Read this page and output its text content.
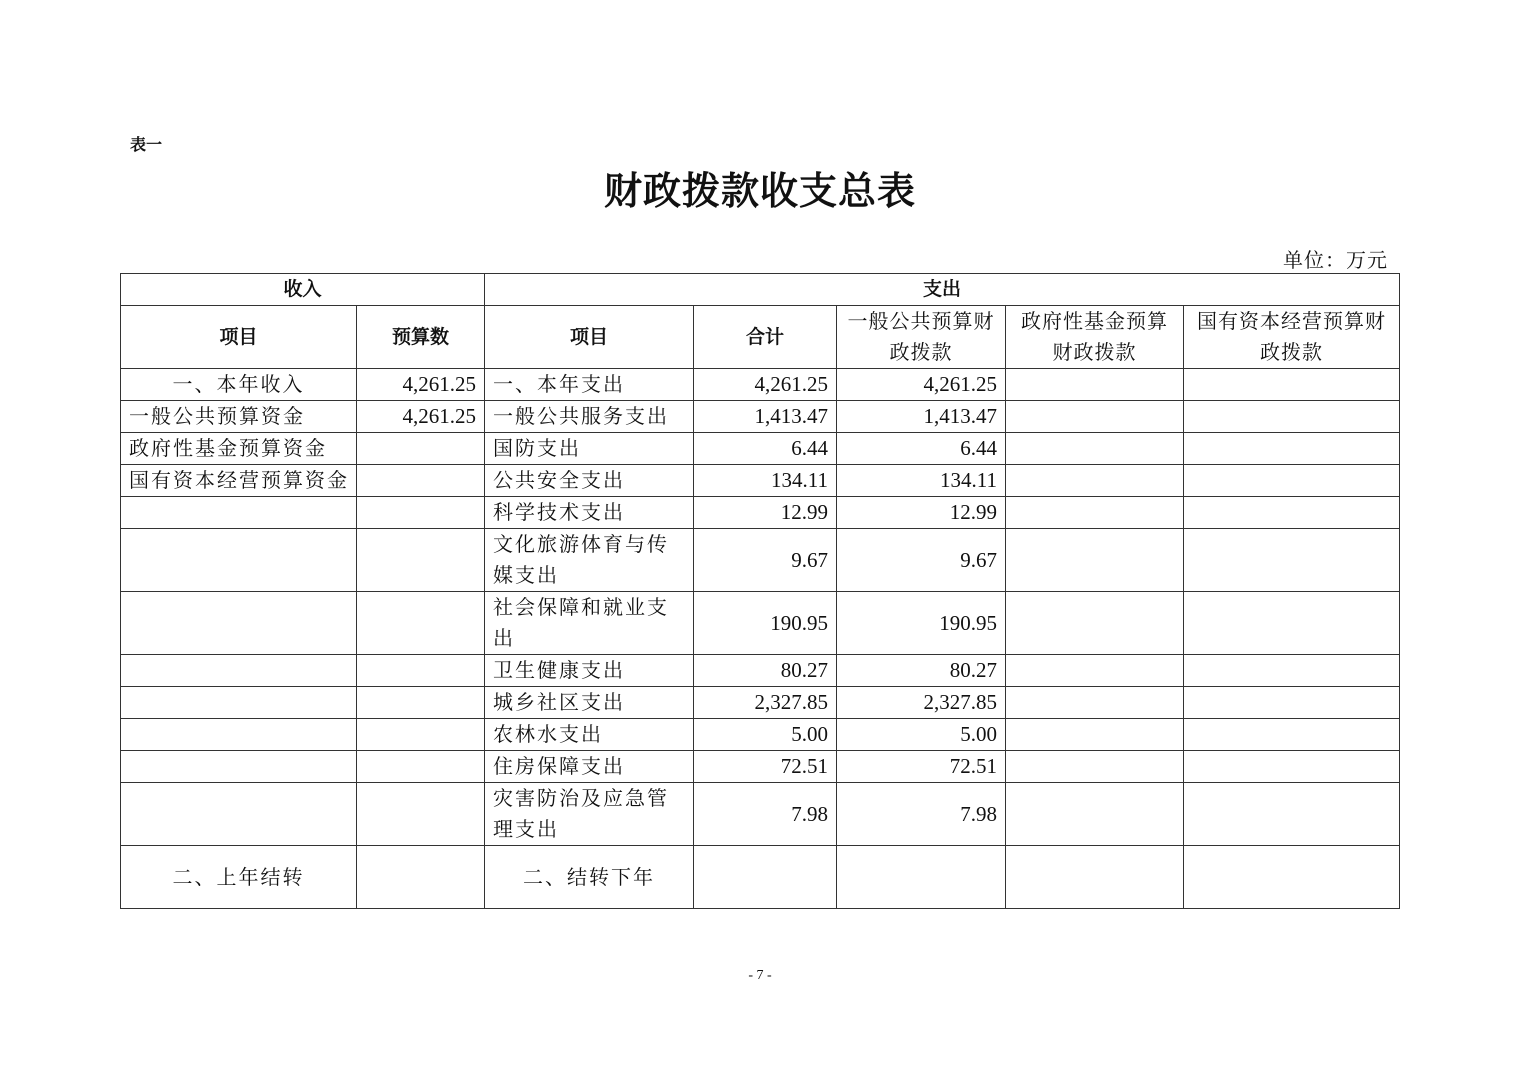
表一
财政拨款收支总表
单位：万元
收入		支出				
项目	预算数	项目	合计	一般公共预算财政拨款	政府性基金预算财政拨款	国有资本经营预算财政拨款
一、本年收入	4,261.25	一、本年支出	4,261.25	4,261.25		
一般公共预算资金	4,261.25	一般公共服务支出	1,413.47	1,413.47		
政府性基金预算资金		国防支出	6.44	6.44		
国有资本经营预算资金		公共安全支出	134.11	134.11		
		科学技术支出	12.99	12.99		
		文化旅游体育与传媒支出	9.67	9.67		
		社会保障和就业支出	190.95	190.95		
		卫生健康支出	80.27	80.27		
		城乡社区支出	2,327.85	2,327.85		
		农林水支出	5.00	5.00		
		住房保障支出	72.51	72.51		
		灾害防治及应急管理支出	7.98	7.98		
二、上年结转		二、结转下年				
- 7 -
